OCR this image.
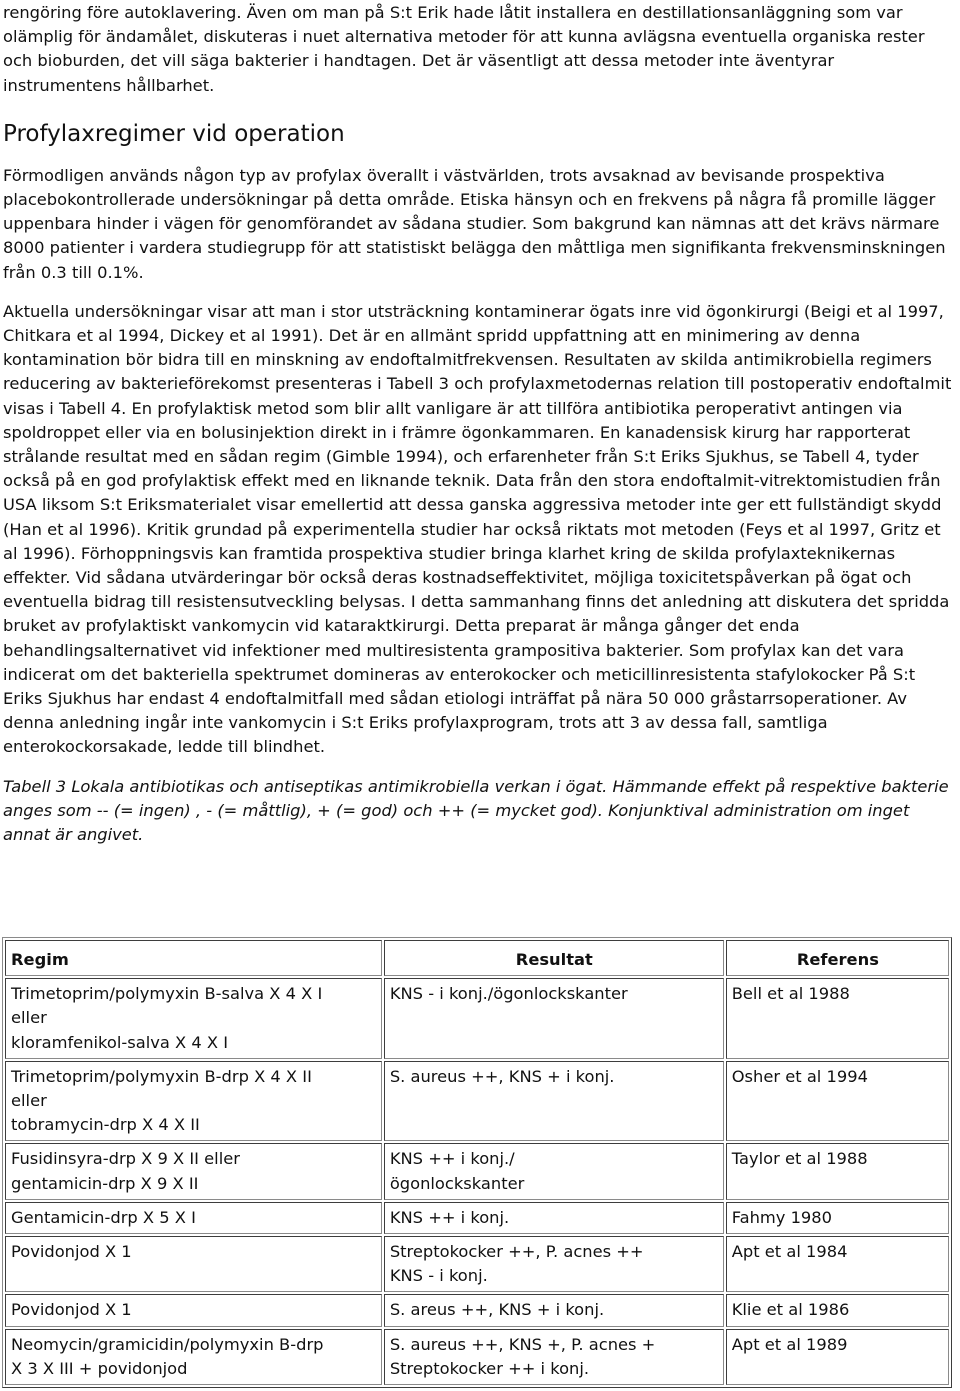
rengöring före autoklavering. Även om man på S:t Erik hade låtit installera en destillationsanläggning som var olämplig för ändamålet, diskuteras i nuet alternativa metoder för att kunna avlägsna eventuella organiska rester och bioburden, det vill säga bakterier i handtagen. Det är väsentligt att dessa metoder inte äventyrar instrumentens hållbarhet.

Profylaxregimer vid operation

Förmodligen används någon typ av profylax överallt i västvärlden, trots avsaknad av bevisande prospektiva placebokontrollerade undersökningar på detta område. Etiska hänsyn och en frekvens på några få promille lägger uppenbara hinder i vägen för genomförandet av sådana studier. Som bakgrund kan nämnas att det krävs närmare 8000 patienter i vardera studiegrupp för att statistiskt belägga den måttliga men signifikanta frekvensminskningen från 0.3 till 0.1%.

Aktuella undersökningar visar att man i stor utsträckning kontaminerar ögats inre vid ögonkirurgi (Beigi et al 1997, Chitkara et al 1994, Dickey et al 1991). Det är en allmänt spridd uppfattning att en minimering av denna kontamination bör bidra till en minskning av endoftalmitfrekvensen. Resultaten av skilda antimikrobiella regimers reducering av bakterieförekomst presenteras i Tabell 3 och profylaxmetodernas relation till postoperativ endoftalmit visas i Tabell 4. En profylaktisk metod som blir allt vanligare är att tillföra antibiotika peroperativt antingen via spoldroppet eller via en bolusinjektion direkt in i främre ögonkammaren. En kanadensisk kirurg har rapporterat strålande resultat med en sådan regim (Gimble 1994), och erfarenheter från S:t Eriks Sjukhus, se Tabell 4, tyder också på en god profylaktisk effekt med en liknande teknik. Data från den stora endoftalmit-vitrektomistudien från USA liksom S:t Eriksmaterialet visar emellertid att dessa ganska aggressiva metoder inte ger ett fullständigt skydd (Han et al 1996). Kritik grundad på experimentella studier har också riktats mot metoden (Feys et al 1997, Gritz et al 1996). Förhoppningsvis kan framtida prospektiva studier bringa klarhet kring de skilda profylaxteknikernas effekter. Vid sådana utvärderingar bör också deras kostnadseffektivitet, möjliga toxicitetspåverkan på ögat och eventuella bidrag till resistensutveckling belysas. I detta sammanhang finns det anledning att diskutera det spridda bruket av profylaktiskt vankomycin vid kataraktkirurgi. Detta preparat är många gånger det enda behandlingsalternativet vid infektioner med multiresistenta grampositiva bakterier. Som profylax kan det vara indicerat om det bakteriella spektrumet domineras av enterokocker och meticillinresistenta stafylokocker På S:t Eriks Sjukhus har endast 4 endoftalmitfall med sådan etiologi inträffat på nära 50 000 gråstarrsoperationer. Av denna anledning ingår inte vankomycin i S:t Eriks profylaxprogram, trots att 3 av dessa fall, samtliga enterokockorsakade, ledde till blindhet.

Tabell 3 Lokala antibiotikas och antiseptikas antimikrobiella verkan i ögat. Hämmande effekt på respektive bakterie anges som -- (= ingen) , - (= måttlig), + (= god) och ++ (= mycket god). Konjunktival administration om inget annat är angivet.

Regim	Resultat	Referens

Trimetoprim/polymyxin B-salva X 4 X I
eller
kloramfenikol-salva X 4 X I	KNS - i konj./ögonlockskanter	Bell et al 1988

Trimetoprim/polymyxin B-drp X 4 X II
eller
tobramycin-drp X 4 X II	S. aureus ++, KNS + i konj.	Osher et al 1994

Fusidinsyra-drp X 9 X II eller
gentamicin-drp X 9 X II	KNS ++ i konj./
ögonlockskanter	Taylor et al 1988

Gentamicin-drp X 5 X I	KNS ++ i konj.	Fahmy 1980

Povidonjod X 1	Streptokocker ++, P. acnes ++
KNS - i konj.	Apt et al 1984

Povidonjod X 1	S. areus ++, KNS + i konj.	Klie et al 1986

Neomycin/gramicidin/polymyxin B-drp
X 3 X III + povidonjod	S. aureus ++, KNS +, P. acnes +
Streptokocker ++ i konj.	Apt et al 1989
